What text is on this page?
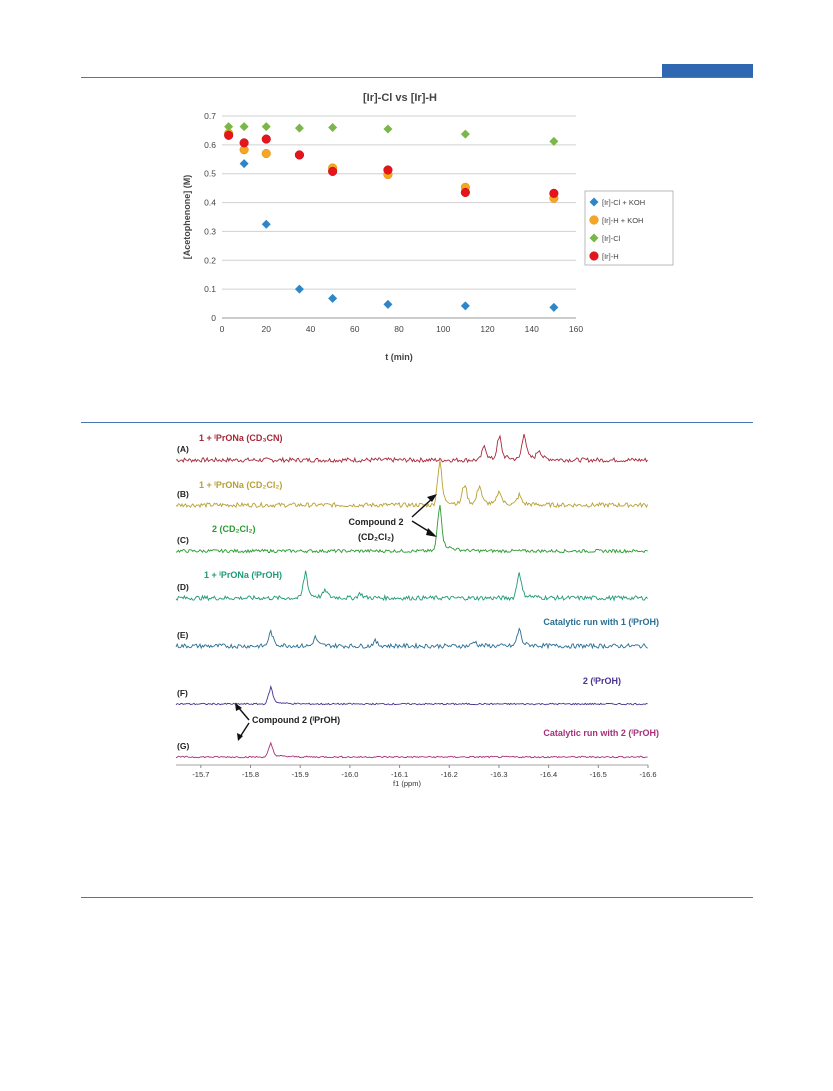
[Ir]-Cl vs [Ir]-H
0
0.1
0.2
0.3
0.4
0.5
0.6
0.7
0	20	40	60	80	100	120	140	160
t (min)
[Acetophenone] (M)	[Ir]-Cl + KOH
[Ir]-H + KOH
[Ir]-Cl
[Ir]-H
(A)
1 + ⁱPrONa (CD₃CN)
(B)
1 + ⁱPrONa (CD₂Cl₂)
(C)
2 (CD₂Cl₂)
(D)
1 + ⁱPrONa (ⁱPrOH)
(E)
Catalytic run with 1 (ⁱPrOH)
(F)
2 (ⁱPrOH)
(G)
Catalytic run with 2 (ⁱPrOH)
-15.7	-15.8	-15.9	-16.0	-16.1	-16.2	-16.3	-16.4	-16.5	-16.6
f1 (ppm)
Compound 2
(CD₂Cl₂)
Compound 2 (ⁱPrOH)
